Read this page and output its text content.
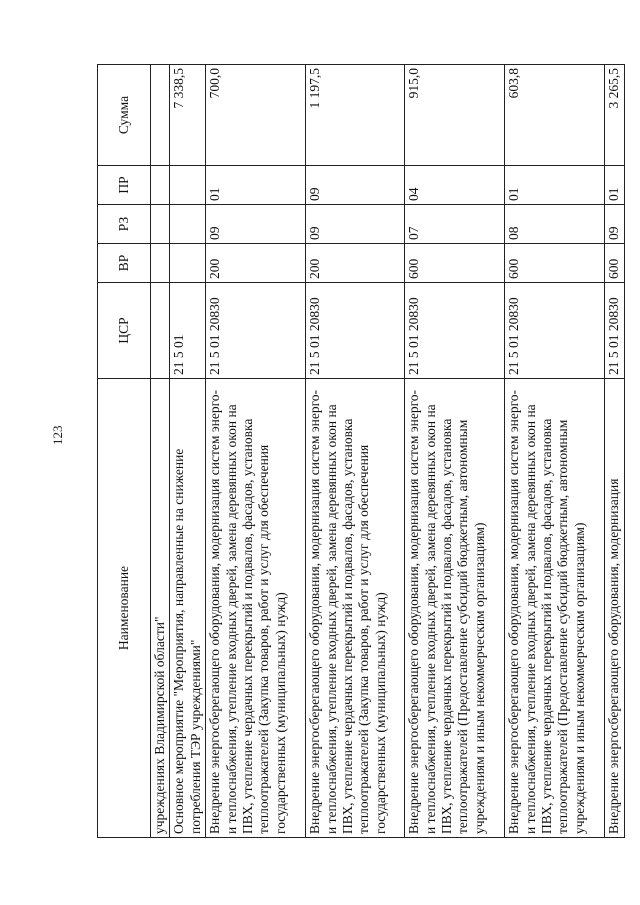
123
Наименование	ЦСР	ВР	РЗ	ПР	Сумма
учреждениях Владимирской области"					
Основное мероприятие "Мероприятия, направленные на снижение потребления ТЭР учреждениями"	21 5 01				7 338,5
Внедрение энергосберегающего оборудования, модернизация систем энерго- и теплоснабжения, утепление входных дверей, замена деревянных окон на ПВХ, утепление чердачных перекрытий и подвалов, фасадов, установка теплоотражателей (Закупка товаров, работ и услуг для обеспечения государственных (муниципальных) нужд)	21 5 01 20830	200	09	01	700,0
Внедрение энергосберегающего оборудования, модернизация систем энерго- и теплоснабжения, утепление входных дверей, замена деревянных окон на ПВХ, утепление чердачных перекрытий и подвалов, фасадов, установка теплоотражателей (Закупка товаров, работ и услуг для обеспечения государственных (муниципальных) нужд)	21 5 01 20830	200	09	09	1 197,5
Внедрение энергосберегающего оборудования, модернизация систем энерго- и теплоснабжения, утепление входных дверей, замена деревянных окон на ПВХ, утепление чердачных перекрытий и подвалов, фасадов, установка теплоотражателей (Предоставление субсидий бюджетным, автономным учреждениям и иным некоммерческим организациям)	21 5 01 20830	600	07	04	915,0
Внедрение энергосберегающего оборудования, модернизация систем энерго- и теплоснабжения, утепление входных дверей, замена деревянных окон на ПВХ, утепление чердачных перекрытий и подвалов, фасадов, установка теплоотражателей (Предоставление субсидий бюджетным, автономным учреждениям и иным некоммерческим организациям)	21 5 01 20830	600	08	01	603,8
Внедрение энергосберегающего оборудования, модернизация	21 5 01 20830	600	09	01	3 265,5
